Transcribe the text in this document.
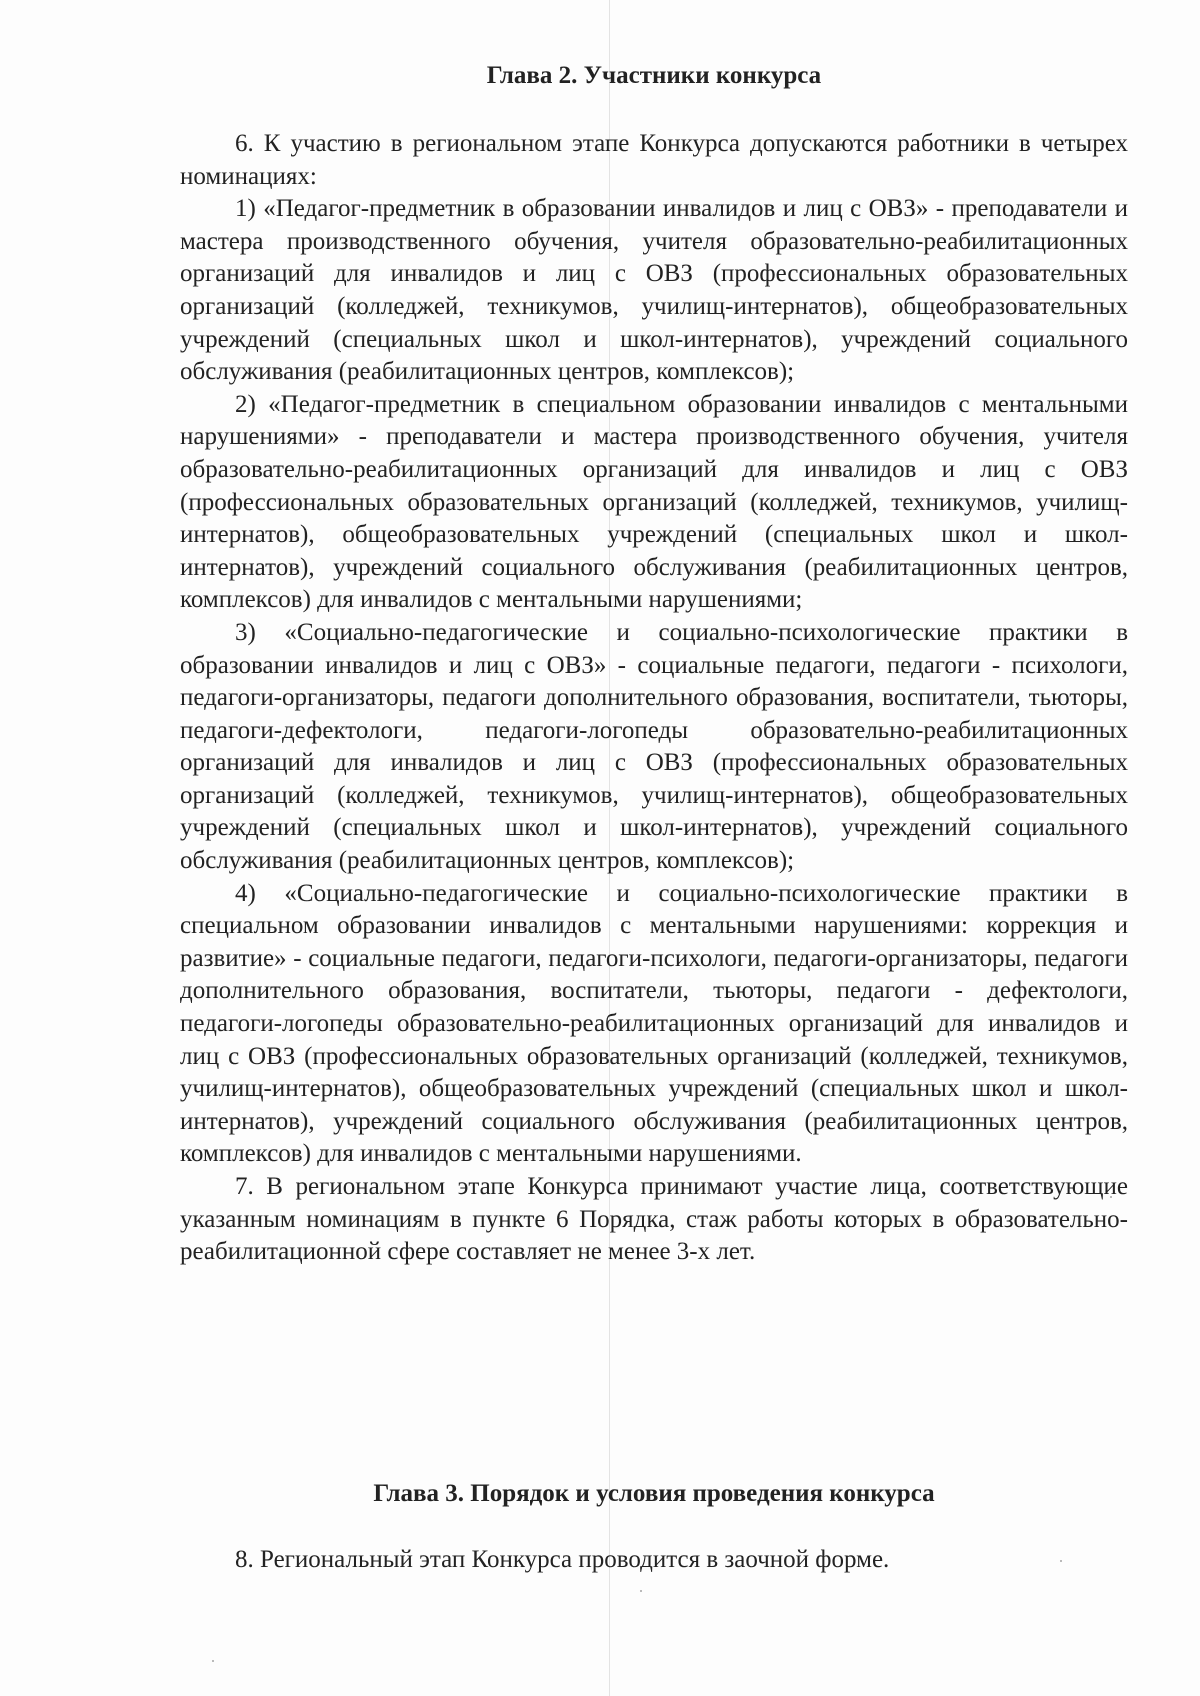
Глава 2. Участники конкурса

6. К участию в региональном этапе Конкурса допускаются работники в четырех номинациях:

1) «Педагог-предметник в образовании инвалидов и лиц с ОВЗ» - преподаватели и мастера производственного обучения, учителя образовательно-реабилитационных организаций для инвалидов и лиц с ОВЗ (профессиональных образовательных организаций (колледжей, техникумов, училищ-интернатов), общеобразовательных учреждений (специальных школ и школ-интернатов), учреждений социального обслуживания (реабилитационных центров, комплексов);

2) «Педагог-предметник в специальном образовании инвалидов с ментальными нарушениями» - преподаватели и мастера производственного обучения, учителя образовательно-реабилитационных организаций для инвалидов и лиц с ОВЗ (профессиональных образовательных организаций (колледжей, техникумов, училищ-интернатов), общеобразовательных учреждений (специальных школ и школ-интернатов), учреждений социального обслуживания (реабилитационных центров, комплексов) для инвалидов с ментальными нарушениями;

3) «Социально-педагогические и социально-психологические практики в образовании инвалидов и лиц с ОВЗ» - социальные педагоги, педагоги - психологи, педагоги-организаторы, педагоги дополнительного образования, воспитатели, тьюторы, педагоги-дефектологи, педагоги-логопеды образовательно-реабилитационных организаций для инвалидов и лиц с ОВЗ (профессиональных образовательных организаций (колледжей, техникумов, училищ-интернатов), общеобразовательных учреждений (специальных школ и школ-интернатов), учреждений социального обслуживания (реабилитационных центров, комплексов);

4) «Социально-педагогические и социально-психологические практики в специальном образовании инвалидов с ментальными нарушениями: коррекция и развитие» - социальные педагоги, педагоги-психологи, педагоги-организаторы, педагоги дополнительного образования, воспитатели, тьюторы, педагоги - дефектологи, педагоги-логопеды образовательно-реабилитационных организаций для инвалидов и лиц с ОВЗ (профессиональных образовательных организаций (колледжей, техникумов, училищ-интернатов), общеобразовательных учреждений (специальных школ и школ-интернатов), учреждений социального обслуживания (реабилитационных центров, комплексов) для инвалидов с ментальными нарушениями.

7. В региональном этапе Конкурса принимают участие лица, соответствующие указанным номинациям в пункте 6 Порядка, стаж работы которых в образовательно-реабилитационной сфере составляет не менее 3-х лет.

Глава 3. Порядок и условия проведения конкурса

8. Региональный этап Конкурса проводится в заочной форме.
